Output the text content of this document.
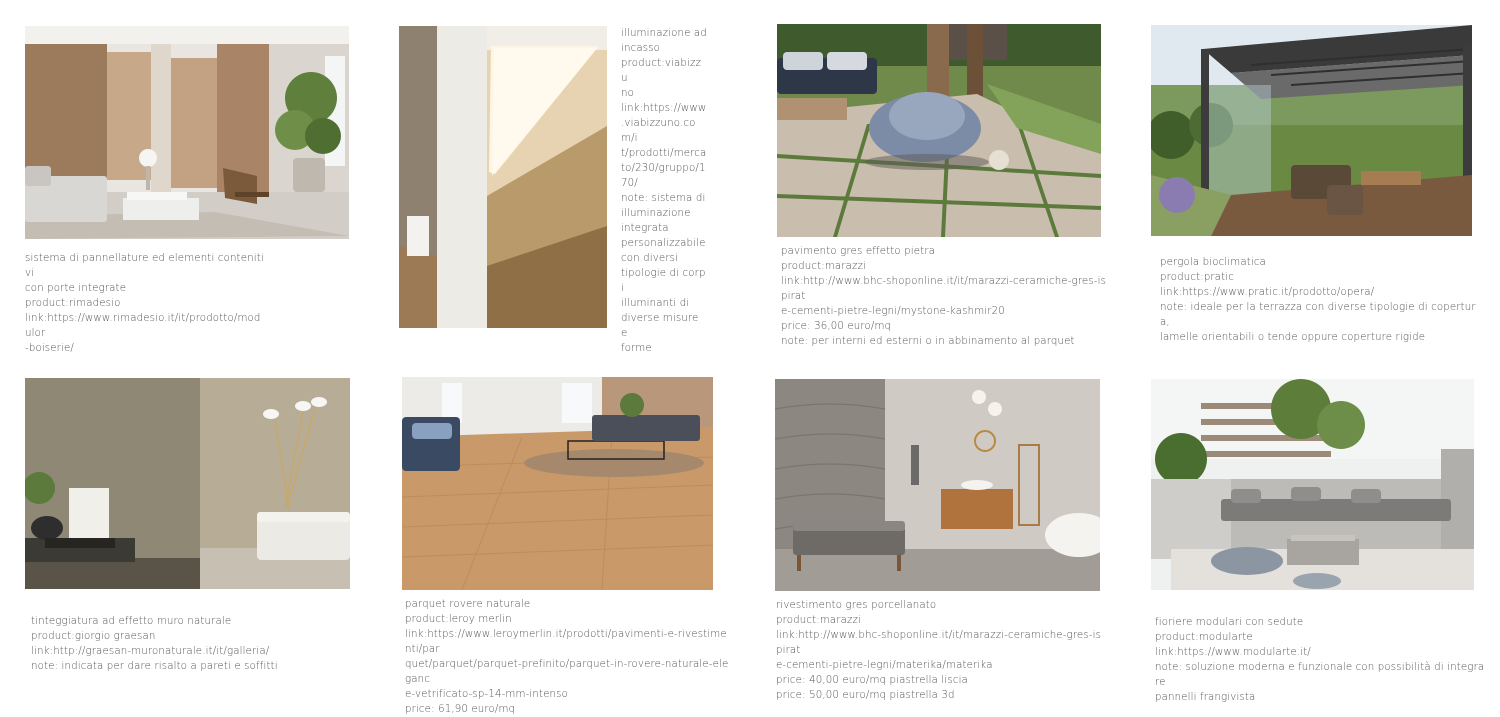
sistema di pannellature ed elementi contenitivi
con porte integrate
product:rimadesio
link:https://www.rimadesio.it/it/prodotto/modulor
-boiserie/
illuminazione ad
incasso
product:viabizzu
no
link:https://www
.viabizzuno.com/i
t/prodotti/merca
to/230/gruppo/1
70/
note: sistema di
illuminazione
integrata
personalizzabile
con diversi
tipologie di corpi
illuminanti di
diverse misure e
forme
pavimento gres effetto pietra
product:marazzi
link:http://www.bhc-shoponline.it/it/marazzi-ceramiche-gres-ispirat
e-cementi-pietre-legni/mystone-kashmir20
price: 36,00 euro/mq
note: per interni ed esterni o in abbinamento al parquet
pergola bioclimatica
product:pratic
link:https://www.pratic.it/prodotto/opera/
note: ideale per la terrazza con diverse tipologie di copertura,
lamelle orientabili o tende oppure coperture rigide
tinteggiatura ad effetto muro naturale
product:giorgio graesan
link:http://graesan-muronaturale.it/it/galleria/
note: indicata per dare risalto a pareti e soffitti
parquet rovere naturale
product:leroy merlin
link:https://www.leroymerlin.it/prodotti/pavimenti-e-rivestimenti/par
quet/parquet/parquet-prefinito/parquet-in-rovere-naturale-eleganc
e-vetrificato-sp-14-mm-intenso
price: 61,90 euro/mq
rivestimento gres porcellanato
product:marazzi
link:http://www.bhc-shoponline.it/it/marazzi-ceramiche-gres-ispirat
e-cementi-pietre-legni/materika/materika
price: 40,00 euro/mq piastrella liscia
price: 50,00 euro/mq piastrella 3d
fioriere modulari con sedute
product:modularte
link:https://www.modularte.it/
note: soluzione moderna e funzionale con possibilità di integrare
pannelli frangivista
